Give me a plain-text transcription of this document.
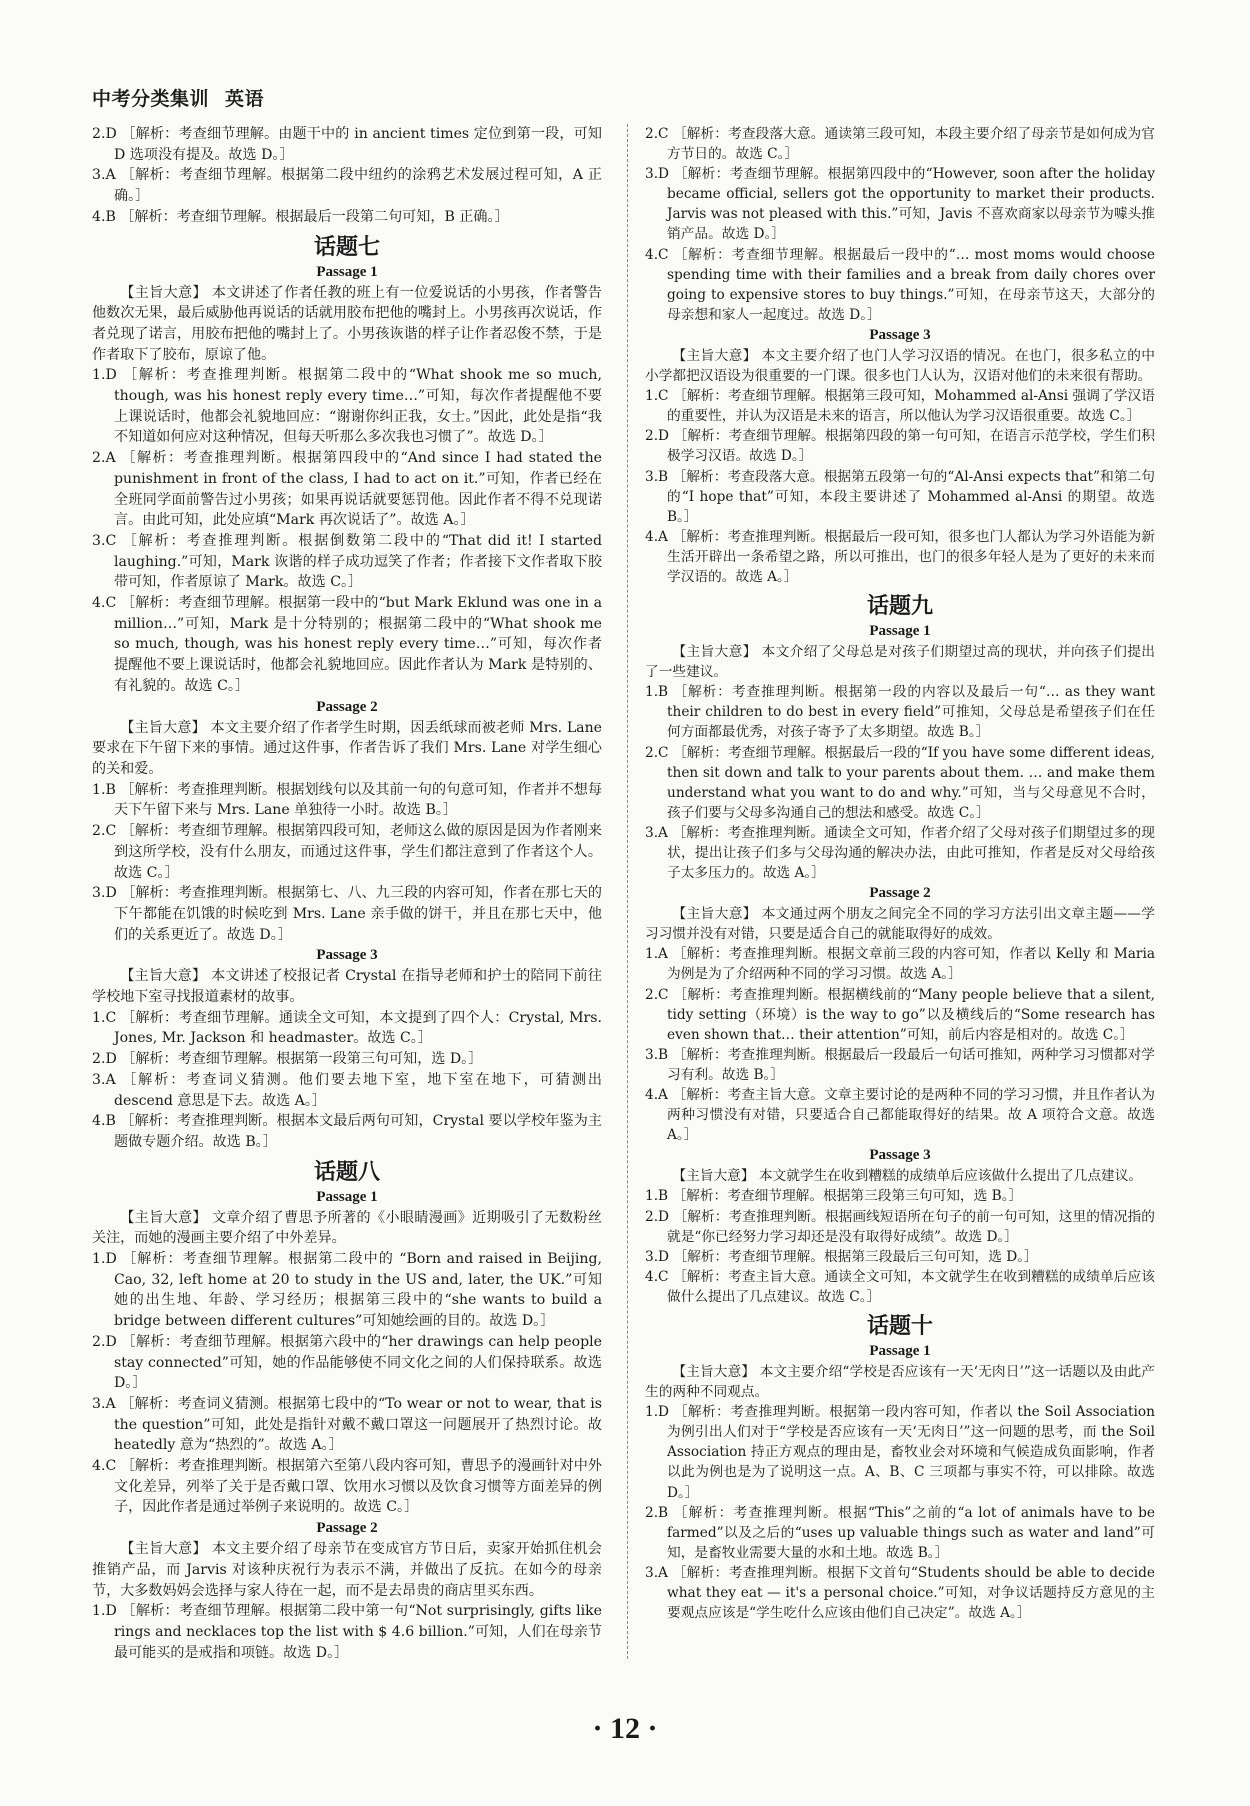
中考分类集训 英语

2.D ［解析：考查细节理解。由题干中的 in ancient times 定位到第一段，可知 D 选项没有提及。故选 D。］

3.A ［解析：考查细节理解。根据第二段中纽约的涂鸦艺术发展过程可知，A 正确。］

4.B ［解析：考查细节理解。根据最后一段第二句可知，B 正确。］

话题七

Passage 1

【主旨大意】 本文讲述了作者任教的班上有一位爱说话的小男孩，作者警告他数次无果，最后威胁他再说话的话就用胶布把他的嘴封上。小男孩再次说话，作者兑现了诺言，用胶布把他的嘴封上了。小男孩诙谐的样子让作者忍俊不禁，于是作者取下了胶布，原谅了他。

1.D ［解析：考查推理判断。根据第二段中的“What shook me so much, though, was his honest reply every time…”可知，每次作者提醒他不要上课说话时，他都会礼貌地回应：“谢谢你纠正我，女士。”因此，此处是指“我不知道如何应对这种情况，但每天听那么多次我也习惯了”。故选 D。］

2.A ［解析：考查推理判断。根据第四段中的“And since I had stated the punishment in front of the class, I had to act on it.”可知，作者已经在全班同学面前警告过小男孩；如果再说话就要惩罚他。因此作者不得不兑现诺言。由此可知，此处应填“Mark 再次说话了”。故选 A。］

3.C ［解析：考查推理判断。根据倒数第二段中的“That did it! I started laughing.”可知，Mark 诙谐的样子成功逗笑了作者；作者接下文作者取下胶带可知，作者原谅了 Mark。故选 C。］

4.C ［解析：考查细节理解。根据第一段中的“but Mark Eklund was one in a million…”可知，Mark 是十分特别的；根据第二段中的“What shook me so much, though, was his honest reply every time…”可知，每次作者提醒他不要上课说话时，他都会礼貌地回应。因此作者认为 Mark 是特别的、有礼貌的。故选 C。］

Passage 2

【主旨大意】 本文主要介绍了作者学生时期，因丢纸球而被老师 Mrs. Lane 要求在下午留下来的事情。通过这件事，作者告诉了我们 Mrs. Lane 对学生细心的关和爱。

1.B ［解析：考查推理判断。根据划线句以及其前一句的句意可知，作者并不想每天下午留下来与 Mrs. Lane 单独待一小时。故选 B。］

2.C ［解析：考查细节理解。根据第四段可知，老师这么做的原因是因为作者刚来到这所学校，没有什么朋友，而通过这件事，学生们都注意到了作者这个人。故选 C。］

3.D ［解析：考查推理判断。根据第七、八、九三段的内容可知，作者在那七天的下午都能在饥饿的时候吃到 Mrs. Lane 亲手做的饼干，并且在那七天中，他们的关系更近了。故选 D。］

Passage 3

【主旨大意】 本文讲述了校报记者 Crystal 在指导老师和护士的陪同下前往学校地下室寻找报道素材的故事。

1.C ［解析：考查细节理解。通读全文可知，本文提到了四个人：Crystal, Mrs. Jones, Mr. Jackson 和 headmaster。故选 C。］

2.D ［解析：考查细节理解。根据第一段第三句可知，选 D。］

3.A ［解析：考查词义猜测。他们要去地下室，地下室在地下，可猜测出 descend 意思是下去。故选 A。］

4.B ［解析：考查推理判断。根据本文最后两句可知，Crystal 要以学校年鉴为主题做专题介绍。故选 B。］

话题八

Passage 1

【主旨大意】 文章介绍了曹思予所著的《小眼睛漫画》近期吸引了无数粉丝关注，而她的漫画主要介绍了中外差异。

1.D ［解析：考查细节理解。根据第二段中的 “Born and raised in Beijing, Cao, 32, left home at 20 to study in the US and, later, the UK.”可知她的出生地、年龄、学习经历；根据第三段中的“she wants to build a bridge between different cultures”可知她绘画的目的。故选 D。］

2.D ［解析：考查细节理解。根据第六段中的“her drawings can help people stay connected”可知，她的作品能够使不同文化之间的人们保持联系。故选 D。］

3.A ［解析：考查词义猜测。根据第七段中的“To wear or not to wear, that is the question”可知，此处是指针对戴不戴口罩这一问题展开了热烈讨论。故 heatedly 意为“热烈的”。故选 A。］

4.C ［解析：考查推理判断。根据第六至第八段内容可知，曹思予的漫画针对中外文化差异，列举了关于是否戴口罩、饮用水习惯以及饮食习惯等方面差异的例子，因此作者是通过举例子来说明的。故选 C。］

Passage 2

【主旨大意】 本文主要介绍了母亲节在变成官方节日后，卖家开始抓住机会推销产品，而 Jarvis 对该种庆祝行为表示不满，并做出了反抗。在如今的母亲节，大多数妈妈会选择与家人待在一起，而不是去昂贵的商店里买东西。

1.D ［解析：考查细节理解。根据第二段中第一句“Not surprisingly, gifts like rings and necklaces top the list with $ 4.6 billion.”可知，人们在母亲节最可能买的是戒指和项链。故选 D。］

2.C ［解析：考查段落大意。通读第三段可知，本段主要介绍了母亲节是如何成为官方节日的。故选 C。］

3.D ［解析：考查细节理解。根据第四段中的“However, soon after the holiday became official, sellers got the opportunity to market their products. Jarvis was not pleased with this.”可知，Javis 不喜欢商家以母亲节为噱头推销产品。故选 D。］

4.C ［解析：考查细节理解。根据最后一段中的“… most moms would choose spending time with their families and a break from daily chores over going to expensive stores to buy things.”可知，在母亲节这天，大部分的母亲想和家人一起度过。故选 D。］

Passage 3

【主旨大意】 本文主要介绍了也门人学习汉语的情况。在也门，很多私立的中小学都把汉语设为很重要的一门课。很多也门人认为，汉语对他们的未来很有帮助。

1.C ［解析：考查细节理解。根据第三段可知，Mohammed al-Ansi 强调了学汉语的重要性，并认为汉语是未来的语言，所以他认为学习汉语很重要。故选 C。］

2.D ［解析：考查细节理解。根据第四段的第一句可知，在语言示范学校，学生们积极学习汉语。故选 D。］

3.B ［解析：考查段落大意。根据第五段第一句的“Al-Ansi expects that”和第二句的“I hope that”可知，本段主要讲述了 Mohammed al-Ansi 的期望。故选 B。］

4.A ［解析：考查推理判断。根据最后一段可知，很多也门人都认为学习外语能为新生活开辟出一条希望之路，所以可推出，也门的很多年轻人是为了更好的未来而学汉语的。故选 A。］

话题九

Passage 1

【主旨大意】 本文介绍了父母总是对孩子们期望过高的现状，并向孩子们提出了一些建议。

1.B ［解析：考查推理判断。根据第一段的内容以及最后一句“… as they want their children to do best in every field”可推知，父母总是希望孩子们在任何方面都最优秀，对孩子寄予了太多期望。故选 B。］

2.C ［解析：考查细节理解。根据最后一段的“If you have some different ideas, then sit down and talk to your parents about them. … and make them understand what you want to do and why.”可知，当与父母意见不合时，孩子们要与父母多沟通自己的想法和感受。故选 C。］

3.A ［解析：考查推理判断。通读全文可知，作者介绍了父母对孩子们期望过多的现状，提出让孩子们多与父母沟通的解决办法，由此可推知，作者是反对父母给孩子太多压力的。故选 A。］

Passage 2

【主旨大意】 本文通过两个朋友之间完全不同的学习方法引出文章主题——学习习惯并没有对错，只要是适合自己的就能取得好的成效。

1.A ［解析：考查推理判断。根据文章前三段的内容可知，作者以 Kelly 和 Maria 为例是为了介绍两种不同的学习习惯。故选 A。］

2.C ［解析：考查推理判断。根据横线前的“Many people believe that a silent, tidy setting（环境）is the way to go”以及横线后的“Some research has even shown that… their attention”可知，前后内容是相对的。故选 C。］

3.B ［解析：考查推理判断。根据最后一段最后一句话可推知，两种学习习惯都对学习有利。故选 B。］

4.A ［解析：考查主旨大意。文章主要讨论的是两种不同的学习习惯，并且作者认为两种习惯没有对错，只要适合自己都能取得好的结果。故 A 项符合文意。故选 A。］

Passage 3

【主旨大意】 本文就学生在收到糟糕的成绩单后应该做什么提出了几点建议。

1.B ［解析：考查细节理解。根据第三段第三句可知，选 B。］

2.D ［解析：考查推理判断。根据画线短语所在句子的前一句可知，这里的情况指的就是“你已经努力学习却还是没有取得好成绩”。故选 D。］

3.D ［解析：考查细节理解。根据第三段最后三句可知，选 D。］

4.C ［解析：考查主旨大意。通读全文可知，本文就学生在收到糟糕的成绩单后应该做什么提出了几点建议。故选 C。］

话题十

Passage 1

【主旨大意】 本文主要介绍“学校是否应该有一天‘无肉日’”这一话题以及由此产生的两种不同观点。

1.D ［解析：考查推理判断。根据第一段内容可知，作者以 the Soil Association 为例引出人们对于“学校是否应该有一天‘无肉日’”这一问题的思考，而 the Soil Association 持正方观点的理由是，畜牧业会对环境和气候造成负面影响，作者以此为例也是为了说明这一点。A、B、C 三项都与事实不符，可以排除。故选 D。］

2.B ［解析：考查推理判断。根据“This”之前的“a lot of animals have to be farmed”以及之后的“uses up valuable things such as water and land”可知，是畜牧业需要大量的水和土地。故选 B。］

3.A ［解析：考查推理判断。根据下文首句“Students should be able to decide what they eat — it's a personal choice.”可知，对争议话题持反方意见的主要观点应该是“学生吃什么应该由他们自己决定”。故选 A。］

· 12 ·
